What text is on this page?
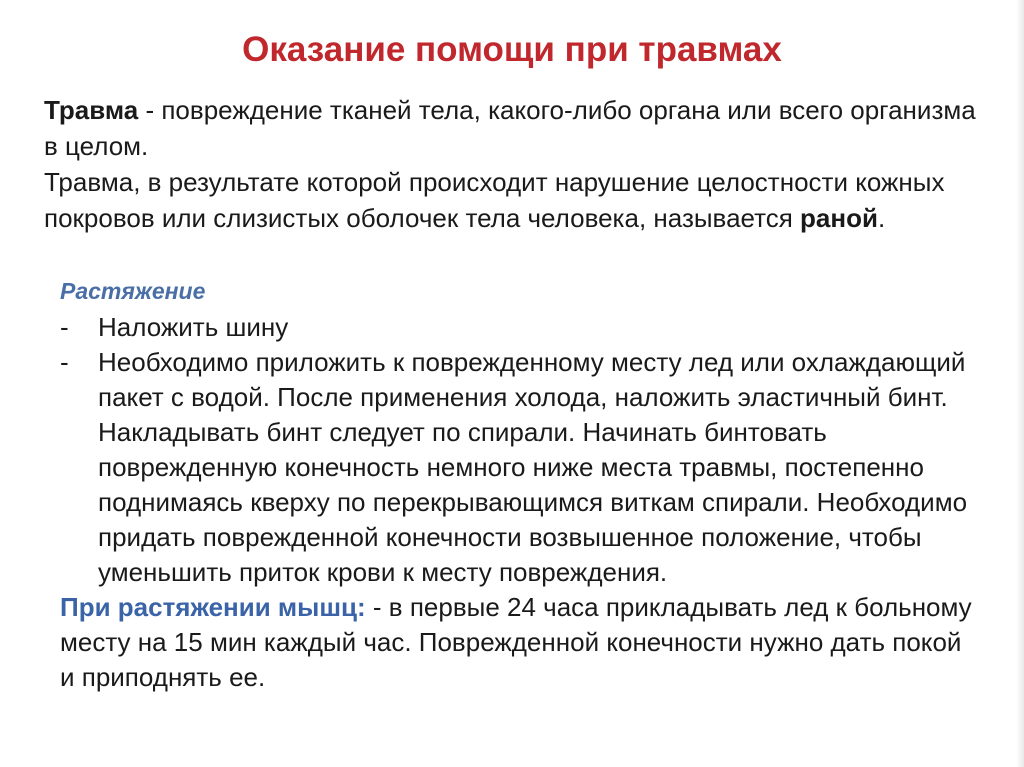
Оказание помощи при травмах

Травма - повреждение тканей тела, какого-либо органа или всего организма в целом.

Травма, в результате которой происходит нарушение целостности кожных покровов или слизистых оболочек тела человека, называется раной.

Растяжение
-	Наложить шину
-	Необходимо приложить к поврежденному месту лед или охлаждающий пакет с водой. После применения холода, наложить эластичный бинт. Накладывать бинт следует по спирали. Начинать бинтовать поврежденную конечность немного ниже места травмы, постепенно поднимаясь кверху по перекрывающимся виткам спирали. Необходимо придать поврежденной конечности возвышенное положение, чтобы уменьшить приток крови к месту повреждения.

При растяжении мышц: - в первые 24 часа прикладывать лед к больному месту на 15 мин каждый час. Поврежденной конечности нужно дать покой и приподнять ее.
